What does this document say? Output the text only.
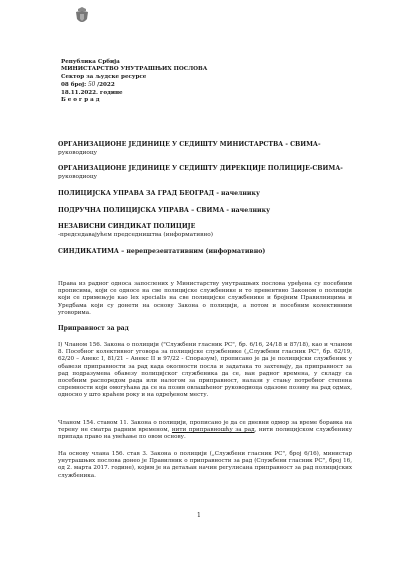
Република Србија
МИНИСТАРСТВО УНУТРАШЊИХ ПОСЛОВА
Сектор за људске ресурсе
08 број: 50 /2022
18.11.2022. године
Б е о г р а д
ОРГАНИЗАЦИОНЕ ЈЕДИНИЦЕ У СЕДИШТУ МИНИСТАРСТВА - СВИМА-
руководиоцу
ОРГАНИЗАЦИОНЕ ЈЕДИНИЦЕ У СЕДИШТУ ДИРЕКЦИЈЕ ПОЛИЦИЈЕ-СВИМА-
руководиоцу
ПОЛИЦИЈСКА УПРАВА ЗА ГРАД БЕОГРАД - начелнику
ПОДРУЧНА ПОЛИЦИЈСКА УПРАВА – СВИМА - начелнику
НЕЗАВИСНИ СИНДИКАТ ПОЛИЦИЈЕ
-председавајућем председништва (информативно)
СИНДИКАТИМА – нерепрезентативним (информативно)
Права из радног односа запослених у Министарству унутрашњих послова уређена су посебним прописима, који се односе на све полицијске службенике и то превентвно Законом о полицији који се примењује као lex specialis на све полицијске службенике и бројним Правилницима и Уредбама који су донети на основу Закона о полицији, а потом и посебним колективним уговорима.
Приправност за рад
I) Чланом 156. Закона о полицији ("Службени гласник РС", бр. 6/16, 24/18 и 87/18), као и чланом 8. Посебног колективног уговора за полицијске службенике („Службени гласник РС", бр. 62/19, 62/20 – Анекс I, 81/21 – Анекс II и 97/22 - Споразум), прописано је да је полицијски службеник у обавези приправности за рад када околности посла и задатака то захтевају, да приправност за рад подразумева обавезу полицијског службеника да се, ван радног времена, у складу са посебним распоредом рада или налогом за приправност, налази у стању потребног степена спремности који омогућава да се на позив овлашћеног руководиоца одазове позиву на рад одмах, односно у што краћем року и на одређеном месту.
Чланом 154. ставом 11. Закона о полицији, прописано је да се дневни одмор за време боравка на терену не сматра радним временом, нити приправношћу за рад, нити полицијском службенику припада право на увећање по овом основу.
На основу члана 156. став 3. Закона о полицији („Службени гласник РС", број 6/16), министар унутрашњих послова донео је Правилник о приправности за рад (Службени гласник РС", број 16, од 2. марта 2017. године), којим је на детаљан начин регулисана приправност за рад полицијских службеника.
1
